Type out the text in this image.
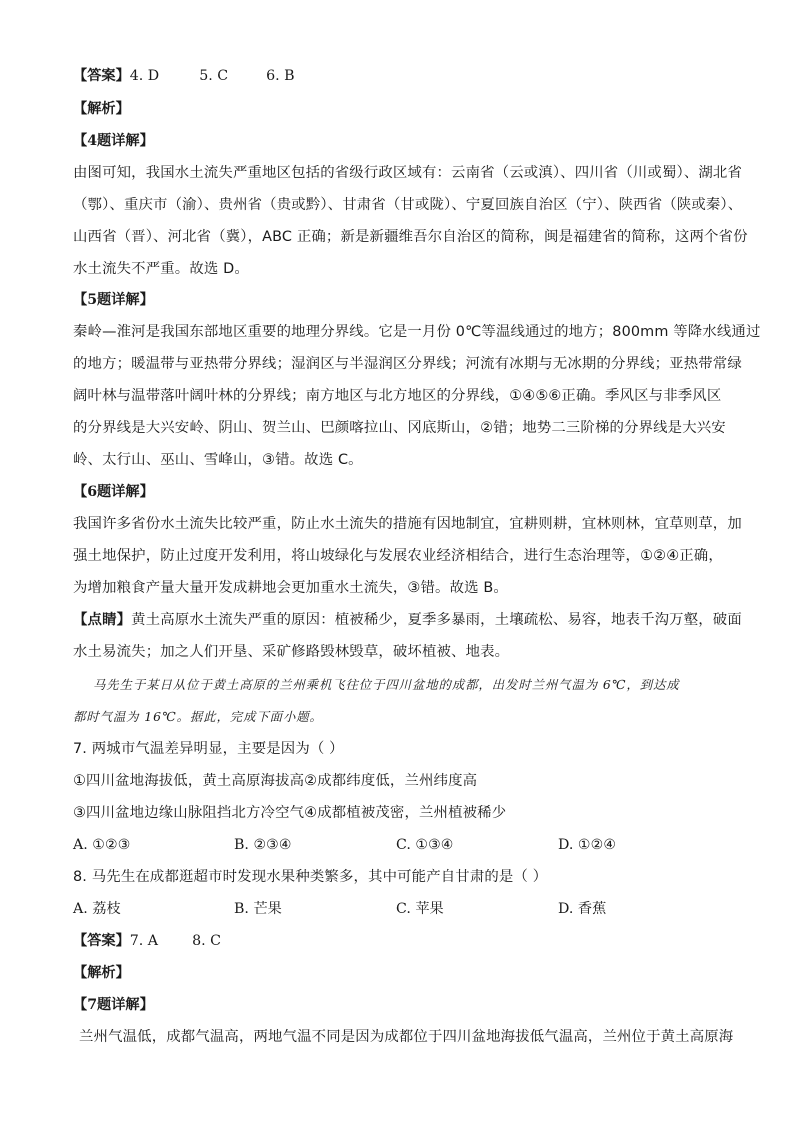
【答案】4. D	5. C	6. B
【解析】
【4题详解】
由图可知，我国水土流失严重地区包括的省级行政区域有：云南省（云或滇）、四川省（川或蜀）、湖北省
（鄂）、重庆市（渝）、贵州省（贵或黔）、甘肃省（甘或陇）、宁夏回族自治区（宁）、陕西省（陕或秦）、
山西省（晋）、河北省（冀），ABC 正确；新是新疆维吾尔自治区的简称，闽是福建省的简称，这两个省份
水土流失不严重。故选 D。
【5题详解】
秦岭—淮河是我国东部地区重要的地理分界线。它是一月份 0℃等温线通过的地方；800mm 等降水线通过
的地方；暖温带与亚热带分界线；湿润区与半湿润区分界线；河流有冰期与无冰期的分界线；亚热带常绿
阔叶林与温带落叶阔叶林的分界线；南方地区与北方地区的分界线，①④⑤⑥正确。季风区与非季风区
的分界线是大兴安岭、阴山、贺兰山、巴颜喀拉山、冈底斯山，②错；地势二三阶梯的分界线是大兴安
岭、太行山、巫山、雪峰山，③错。故选 C。
【6题详解】
我国许多省份水土流失比较严重，防止水土流失的措施有因地制宜，宜耕则耕，宜林则林，宜草则草，加
强土地保护，防止过度开发利用，将山坡绿化与发展农业经济相结合，进行生态治理等，①②④正确，
为增加粮食产量大量开发成耕地会更加重水土流失，③错。故选 B。
【点睛】黄土高原水土流失严重的原因：植被稀少，夏季多暴雨，土壤疏松、易容，地表千沟万壑，破面
水土易流失；加之人们开垦、采矿修路毁林毁草，破坏植被、地表。
马先生于某日从位于黄土高原的兰州乘机飞往位于四川盆地的成都，出发时兰州气温为 6℃，到达成
都时气温为 16℃。据此，完成下面小题。
7. 两城市气温差异明显，主要是因为（ ）
①四川盆地海拔低，黄土高原海拔高②成都纬度低，兰州纬度高
③四川盆地边缘山脉阻挡北方冷空气④成都植被茂密，兰州植被稀少
A. ①②③	B. ②③④	C. ①③④	D. ①②④
8. 马先生在成都逛超市时发现水果种类繁多，其中可能产自甘肃的是（ ）
A. 荔枝	B. 芒果	C. 苹果	D. 香蕉
【答案】7. A 8. C
【解析】
【7题详解】
兰州气温低，成都气温高，两地气温不同是因为成都位于四川盆地海拔低气温高，兰州位于黄土高原海
